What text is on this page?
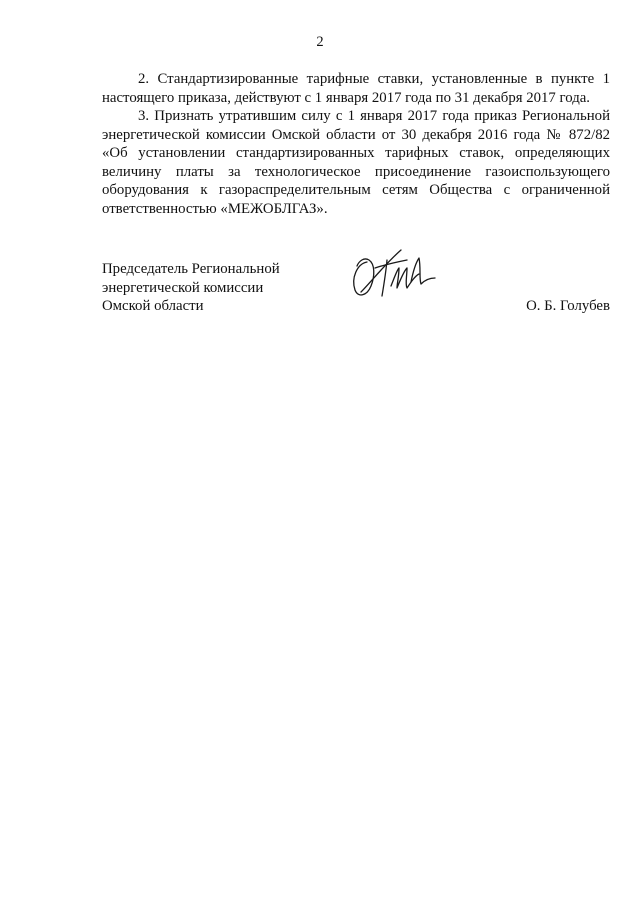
2

2. Стандартизированные тарифные ставки, установленные в пункте 1 настоящего приказа, действуют с 1 января 2017 года по 31 декабря 2017 года.

3. Признать утратившим силу с 1 января 2017 года приказ Региональной энергетической комиссии Омской области от 30 декабря 2016 года № 872/82 «Об установлении стандартизированных тарифных ставок, определяющих величину платы за технологическое присоединение газоиспользующего оборудования к газораспределительным сетям Общества с ограниченной ответственностью «МЕЖОБЛГАЗ».

Председатель Региональной
энергетической комиссии
Омской области	О. Б. Голубев
